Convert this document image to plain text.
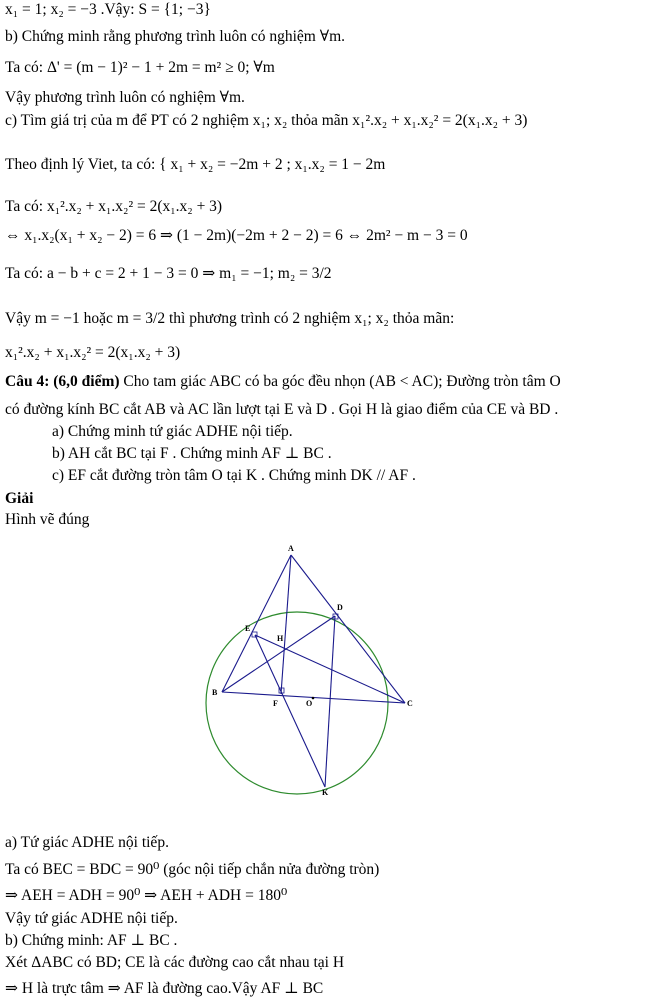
x₁ = 1; x₂ = −3 .Vậy: S = {1; −3}
b) Chứng minh rằng phương trình luôn có nghiệm ∀m.
Ta có: Δ' = (m − 1)² − 1 + 2m = m² ≥ 0; ∀m
Vậy phương trình luôn có nghiệm ∀m.
c) Tìm giá trị của m để PT có 2 nghiệm x₁; x₂ thỏa mãn x₁².x₂ + x₁.x₂² = 2(x₁.x₂ + 3)
Theo định lý Viet, ta có: { x₁ + x₂ = −2m + 2 ; x₁.x₂ = 1 − 2m
Ta có: x₁².x₂ + x₁.x₂² = 2(x₁.x₂ + 3)
⇔ x₁.x₂(x₁ + x₂ − 2) = 6 ⇒ (1 − 2m)(−2m + 2 − 2) = 6 ⇔ 2m² − m − 3 = 0
Ta có: a − b + c = 2 + 1 − 3 = 0 ⇒ m₁ = −1; m₂ = 3/2
Vậy m = −1 hoặc m = 3/2 thì phương trình có 2 nghiệm x₁; x₂ thỏa mãn:
x₁².x₂ + x₁.x₂² = 2(x₁.x₂ + 3)
Câu 4: (6,0 điểm) Cho tam giác ABC có ba góc đều nhọn (AB < AC); Đường tròn tâm O
có đường kính BC cắt AB và AC lần lượt tại E và D . Gọi H là giao điểm của CE và BD .
a) Chứng minh tứ giác ADHE nội tiếp.
b) AH cắt BC tại F . Chứng minh AF ⊥ BC .
c) EF cắt đường tròn tâm O tại K . Chứng minh DK // AF .
Giải
Hình vẽ đúng
a) Tứ giác ADHE nội tiếp.
Ta có BEC = BDC = 90⁰ (góc nội tiếp chắn nửa đường tròn)
⇒ AEH = ADH = 90⁰ ⇒ AEH + ADH = 180⁰
Vậy tứ giác ADHE nội tiếp.
b) Chứng minh: AF ⊥ BC .
Xét ΔABC có BD; CE là các đường cao cắt nhau tại H
⇒ H là trực tâm ⇒ AF là đường cao.Vậy AF ⊥ BC
A
B
C
D
E
F
H
O
K
